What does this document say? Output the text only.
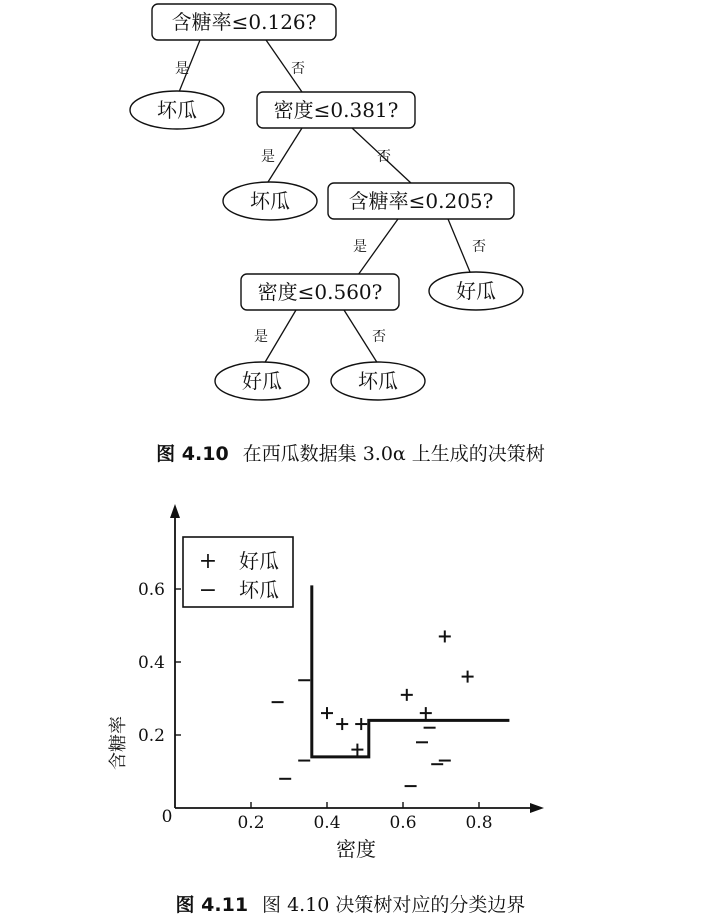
是	否
是	否
是	否
是	否
含糖率≤0.126?
坏瓜	密度≤0.381?
坏瓜	含糖率≤0.205?
密度≤0.560?	好瓜
好瓜	坏瓜
图 4.10 在西瓜数据集 3.0α 上生成的决策树
0	0.2	0.4	0.6	0.8
0.2
0.4
0.6
+ 好瓜
− 坏瓜
密度
含糖率
图 4.11 图 4.10 决策树对应的分类边界
